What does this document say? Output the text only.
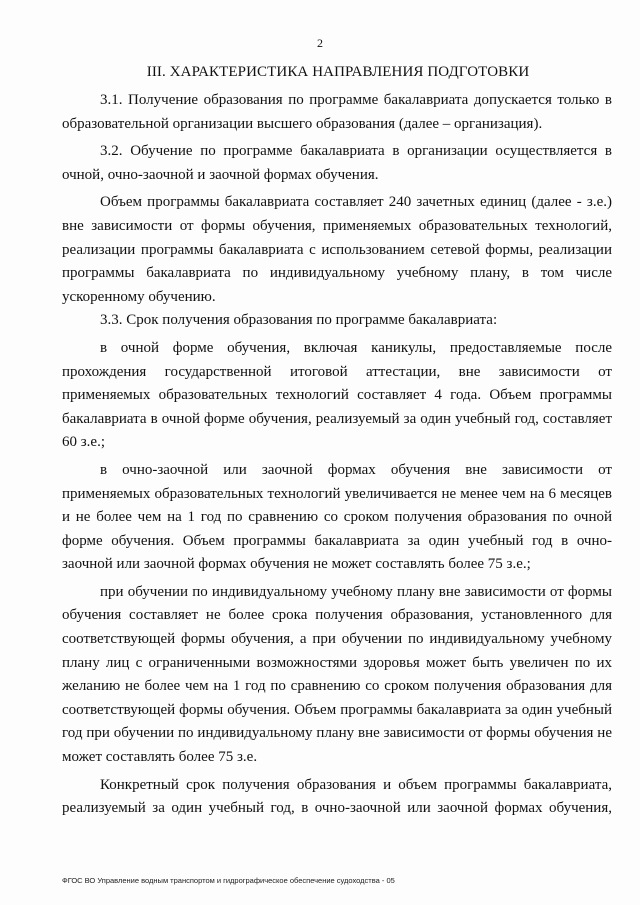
2
III. ХАРАКТЕРИСТИКА НАПРАВЛЕНИЯ ПОДГОТОВКИ

3.1. Получение образования по программе бакалавриата допускается только в образовательной организации высшего образования (далее – организация).

3.2. Обучение по программе бакалавриата в организации осуществляется в очной, очно-заочной и заочной формах обучения.

Объем программы бакалавриата составляет 240 зачетных единиц (далее - з.е.) вне зависимости от формы обучения, применяемых образовательных технологий, реализации программы бакалавриата с использованием сетевой формы, реализации программы бакалавриата по индивидуальному учебному плану, в том числе ускоренному обучению.

3.3. Срок получения образования по программе бакалавриата:

в очной форме обучения, включая каникулы, предоставляемые после прохождения государственной итоговой аттестации, вне зависимости от применяемых образовательных технологий составляет 4 года. Объем программы бакалавриата в очной форме обучения, реализуемый за один учебный год, составляет 60 з.е.;

в очно-заочной или заочной формах обучения вне зависимости от применяемых образовательных технологий увеличивается не менее чем на 6 месяцев и не более чем на 1 год по сравнению со сроком получения образования по очной форме обучения. Объем программы бакалавриата за один учебный год в очно-заочной или заочной формах обучения не может составлять более 75 з.е.;

при обучении по индивидуальному учебному плану вне зависимости от формы обучения составляет не более срока получения образования, установленного для соответствующей формы обучения, а при обучении по индивидуальному учебному плану лиц с ограниченными возможностями здоровья может быть увеличен по их желанию не более чем на 1 год по сравнению со сроком получения образования для соответствующей формы обучения. Объем программы бакалавриата за один учебный год при обучении по индивидуальному плану вне зависимости от формы обучения не может составлять более 75 з.е.

Конкретный срок получения образования и объем программы бакалавриата, реализуемый за один учебный год, в очно-заочной или заочной формах обучения,

ФГОС ВО Управление водным транспортом и гидрографическое обеспечение судоходства - 05
